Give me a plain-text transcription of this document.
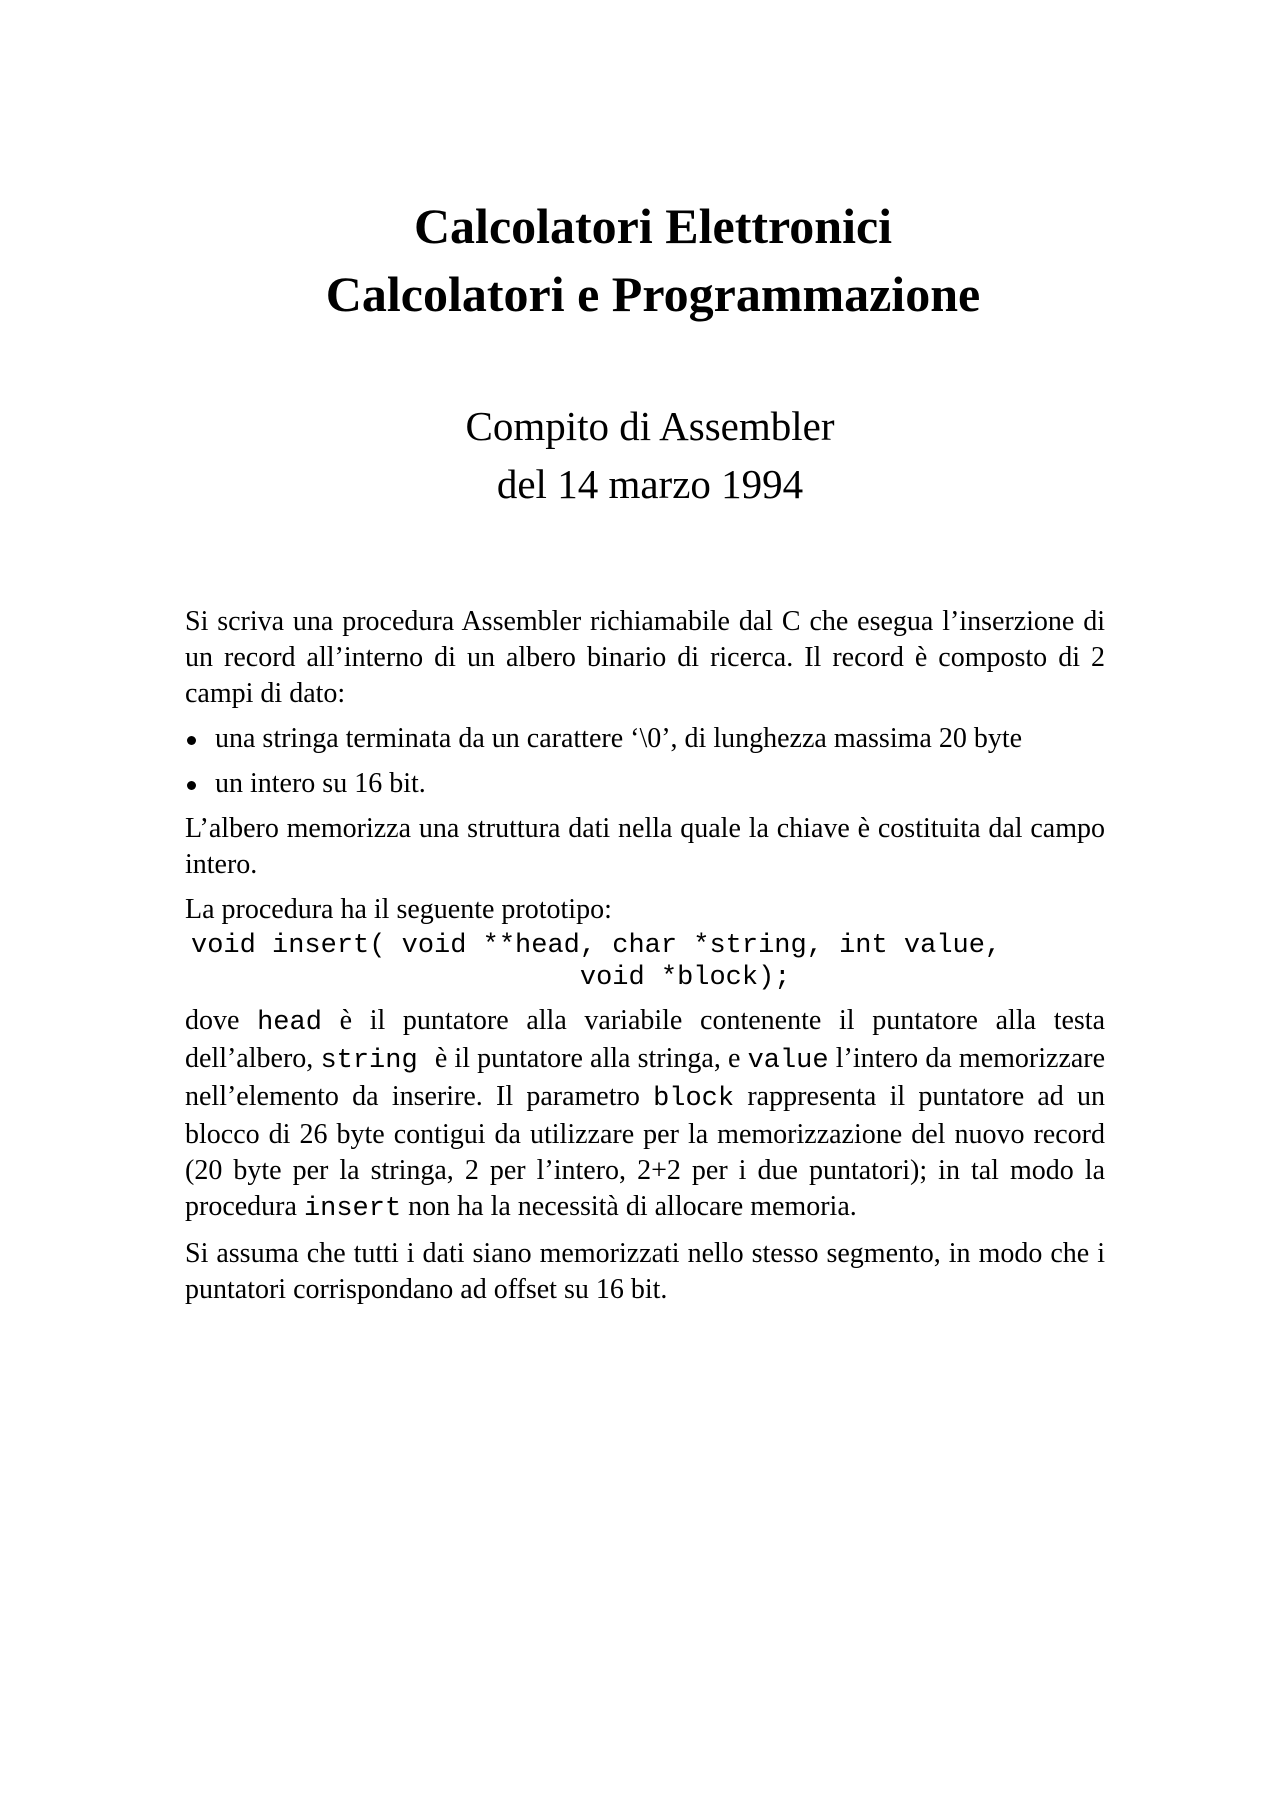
Calcolatori Elettronici

Calcolatori e Programmazione

Compito di Assembler

del 14 marzo 1994

Si scriva una procedura Assembler richiamabile dal C che esegua l’inserzione di un record all’interno di un albero binario di ricerca. Il record è composto di 2 campi di dato:

una stringa terminata da un carattere ‘\0’, di lunghezza massima 20 byte
un intero su 16 bit.

L’albero memorizza una struttura dati nella quale la chiave è costituita dal campo intero.

La procedura ha il seguente prototipo:

void insert( void **head, char *string, int value,
void *block);

dove head è il puntatore alla variabile contenente il puntatore alla testa dell’albero, string è il puntatore alla stringa, e value l’intero da memorizzare nell’elemento da inserire. Il parametro block rappresenta il puntatore ad un blocco di 26 byte contigui da utilizzare per la memorizzazione del nuovo record (20 byte per la stringa, 2 per l’intero, 2+2 per i due puntatori); in tal modo la procedura insert non ha la necessità di allocare memoria.

Si assuma che tutti i dati siano memorizzati nello stesso segmento, in modo che i puntatori corrispondano ad offset su 16 bit.
